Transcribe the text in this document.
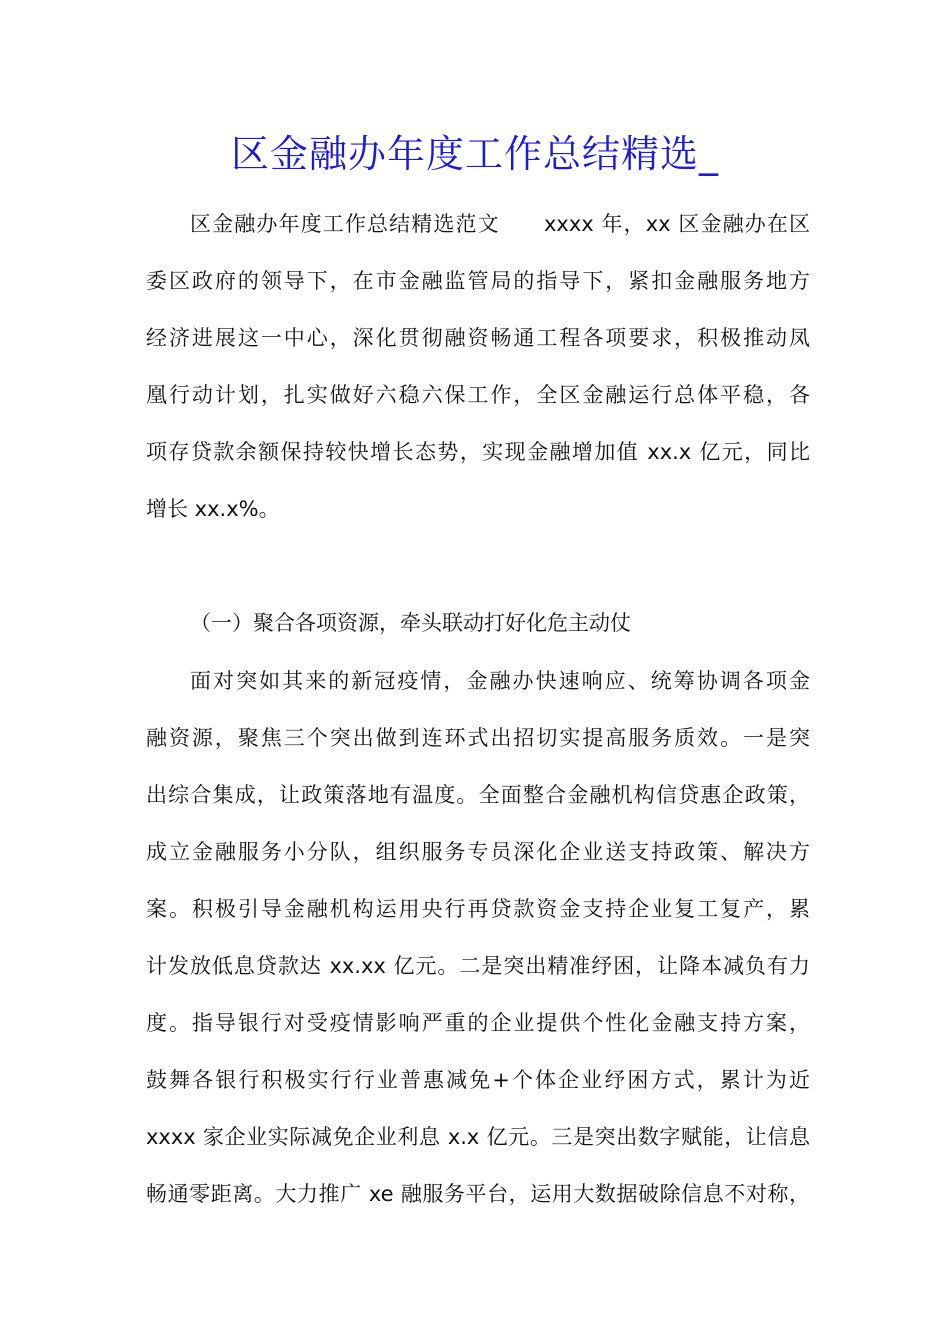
区金融办年度工作总结精选_
区金融办年度工作总结精选范文　　xxxx 年，xx 区金融办在区
委区政府的领导下，在市金融监管局的指导下，紧扣金融服务地方
经济进展这一中心，深化贯彻融资畅通工程各项要求，积极推动凤
凰行动计划，扎实做好六稳六保工作，全区金融运行总体平稳，各
项存贷款余额保持较快增长态势，实现金融增加值 xx.x 亿元，同比
增长 xx.x%。
（一）聚合各项资源，牵头联动打好化危主动仗
面对突如其来的新冠疫情，金融办快速响应、统筹协调各项金
融资源，聚焦三个突出做到连环式出招切实提高服务质效。一是突
出综合集成，让政策落地有温度。全面整合金融机构信贷惠企政策，
成立金融服务小分队，组织服务专员深化企业送支持政策、解决方
案。积极引导金融机构运用央行再贷款资金支持企业复工复产，累
计发放低息贷款达 xx.xx 亿元。二是突出精准纾困，让降本减负有力
度。指导银行对受疫情影响严重的企业提供个性化金融支持方案，
鼓舞各银行积极实行行业普惠减免+个体企业纾困方式，累计为近
xxxx 家企业实际减免企业利息 x.x 亿元。三是突出数字赋能，让信息
畅通零距离。大力推广 xe 融服务平台，运用大数据破除信息不对称，
